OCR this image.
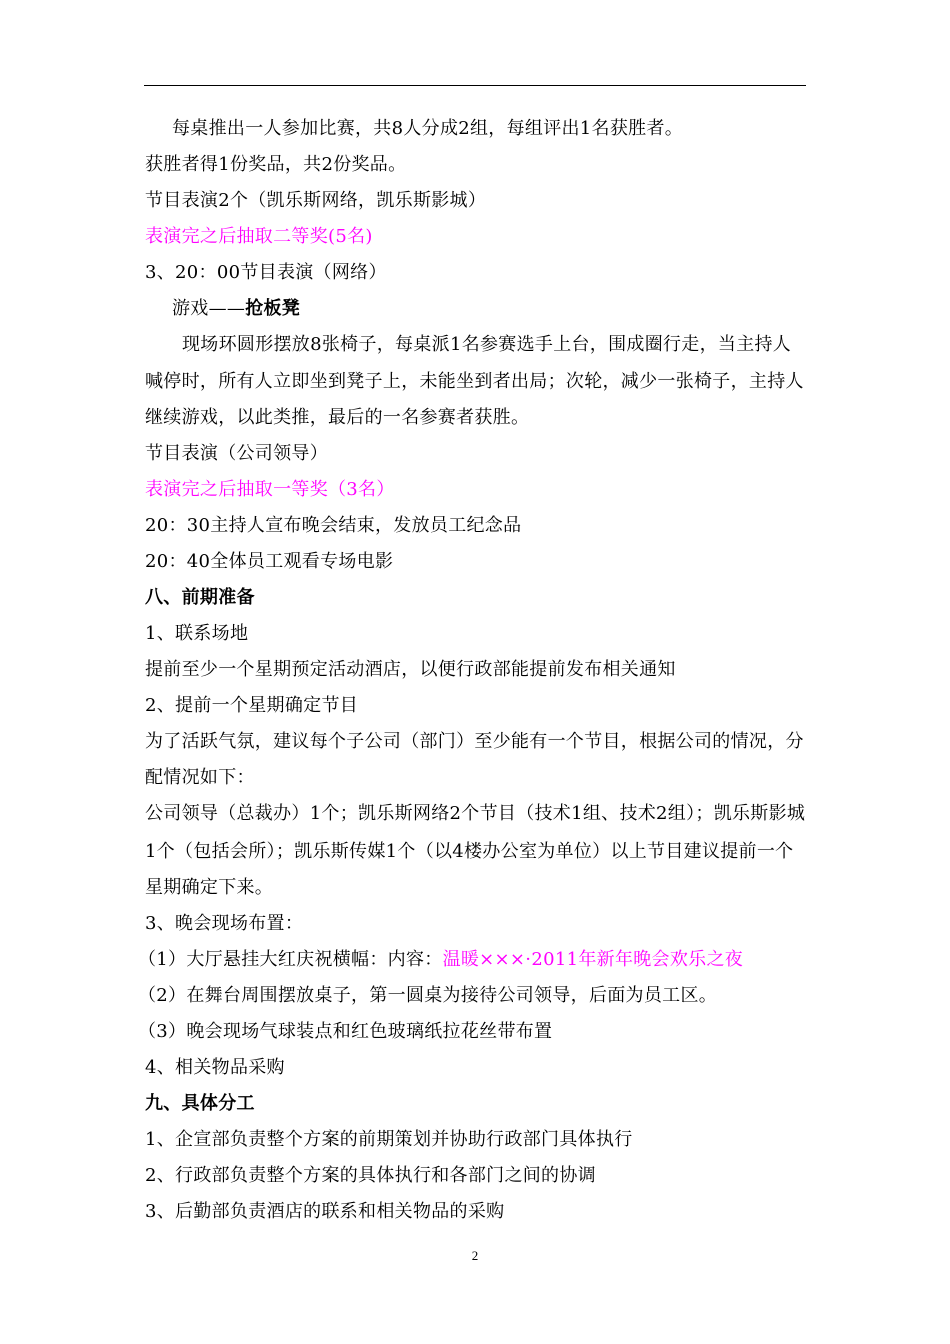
每桌推出一人参加比赛，共8人分成2组，每组评出1名获胜者。
获胜者得1份奖品，共2份奖品。
节目表演2个（凯乐斯网络，凯乐斯影城）
表演完之后抽取二等奖(5名)
3、20：00节目表演（网络）
游戏——抢板凳
现场环圆形摆放8张椅子，每桌派1名参赛选手上台，围成圈行走，当主持人
喊停时，所有人立即坐到凳子上，未能坐到者出局；次轮，减少一张椅子，主持人
继续游戏，以此类推，最后的一名参赛者获胜。
节目表演（公司领导）
表演完之后抽取一等奖（3名）
20：30主持人宣布晚会结束，发放员工纪念品
20：40全体员工观看专场电影
八、前期准备
1、联系场地
提前至少一个星期预定活动酒店，以便行政部能提前发布相关通知
2、提前一个星期确定节目
为了活跃气氛，建议每个子公司（部门）至少能有一个节目，根据公司的情况，分
配情况如下：
公司领导（总裁办）1个；凯乐斯网络2个节目（技术1组、技术2组）；凯乐斯影城
1个（包括会所）；凯乐斯传媒1个（以4楼办公室为单位）以上节目建议提前一个
星期确定下来。
3、晚会现场布置：
（1）大厅悬挂大红庆祝横幅：内容：温暖×××·2011年新年晚会欢乐之夜
（2）在舞台周围摆放桌子，第一圆桌为接待公司领导，后面为员工区。
（3）晚会现场气球装点和红色玻璃纸拉花丝带布置
4、相关物品采购
九、具体分工
1、企宣部负责整个方案的前期策划并协助行政部门具体执行
2、行政部负责整个方案的具体执行和各部门之间的协调
3、后勤部负责酒店的联系和相关物品的采购
2
